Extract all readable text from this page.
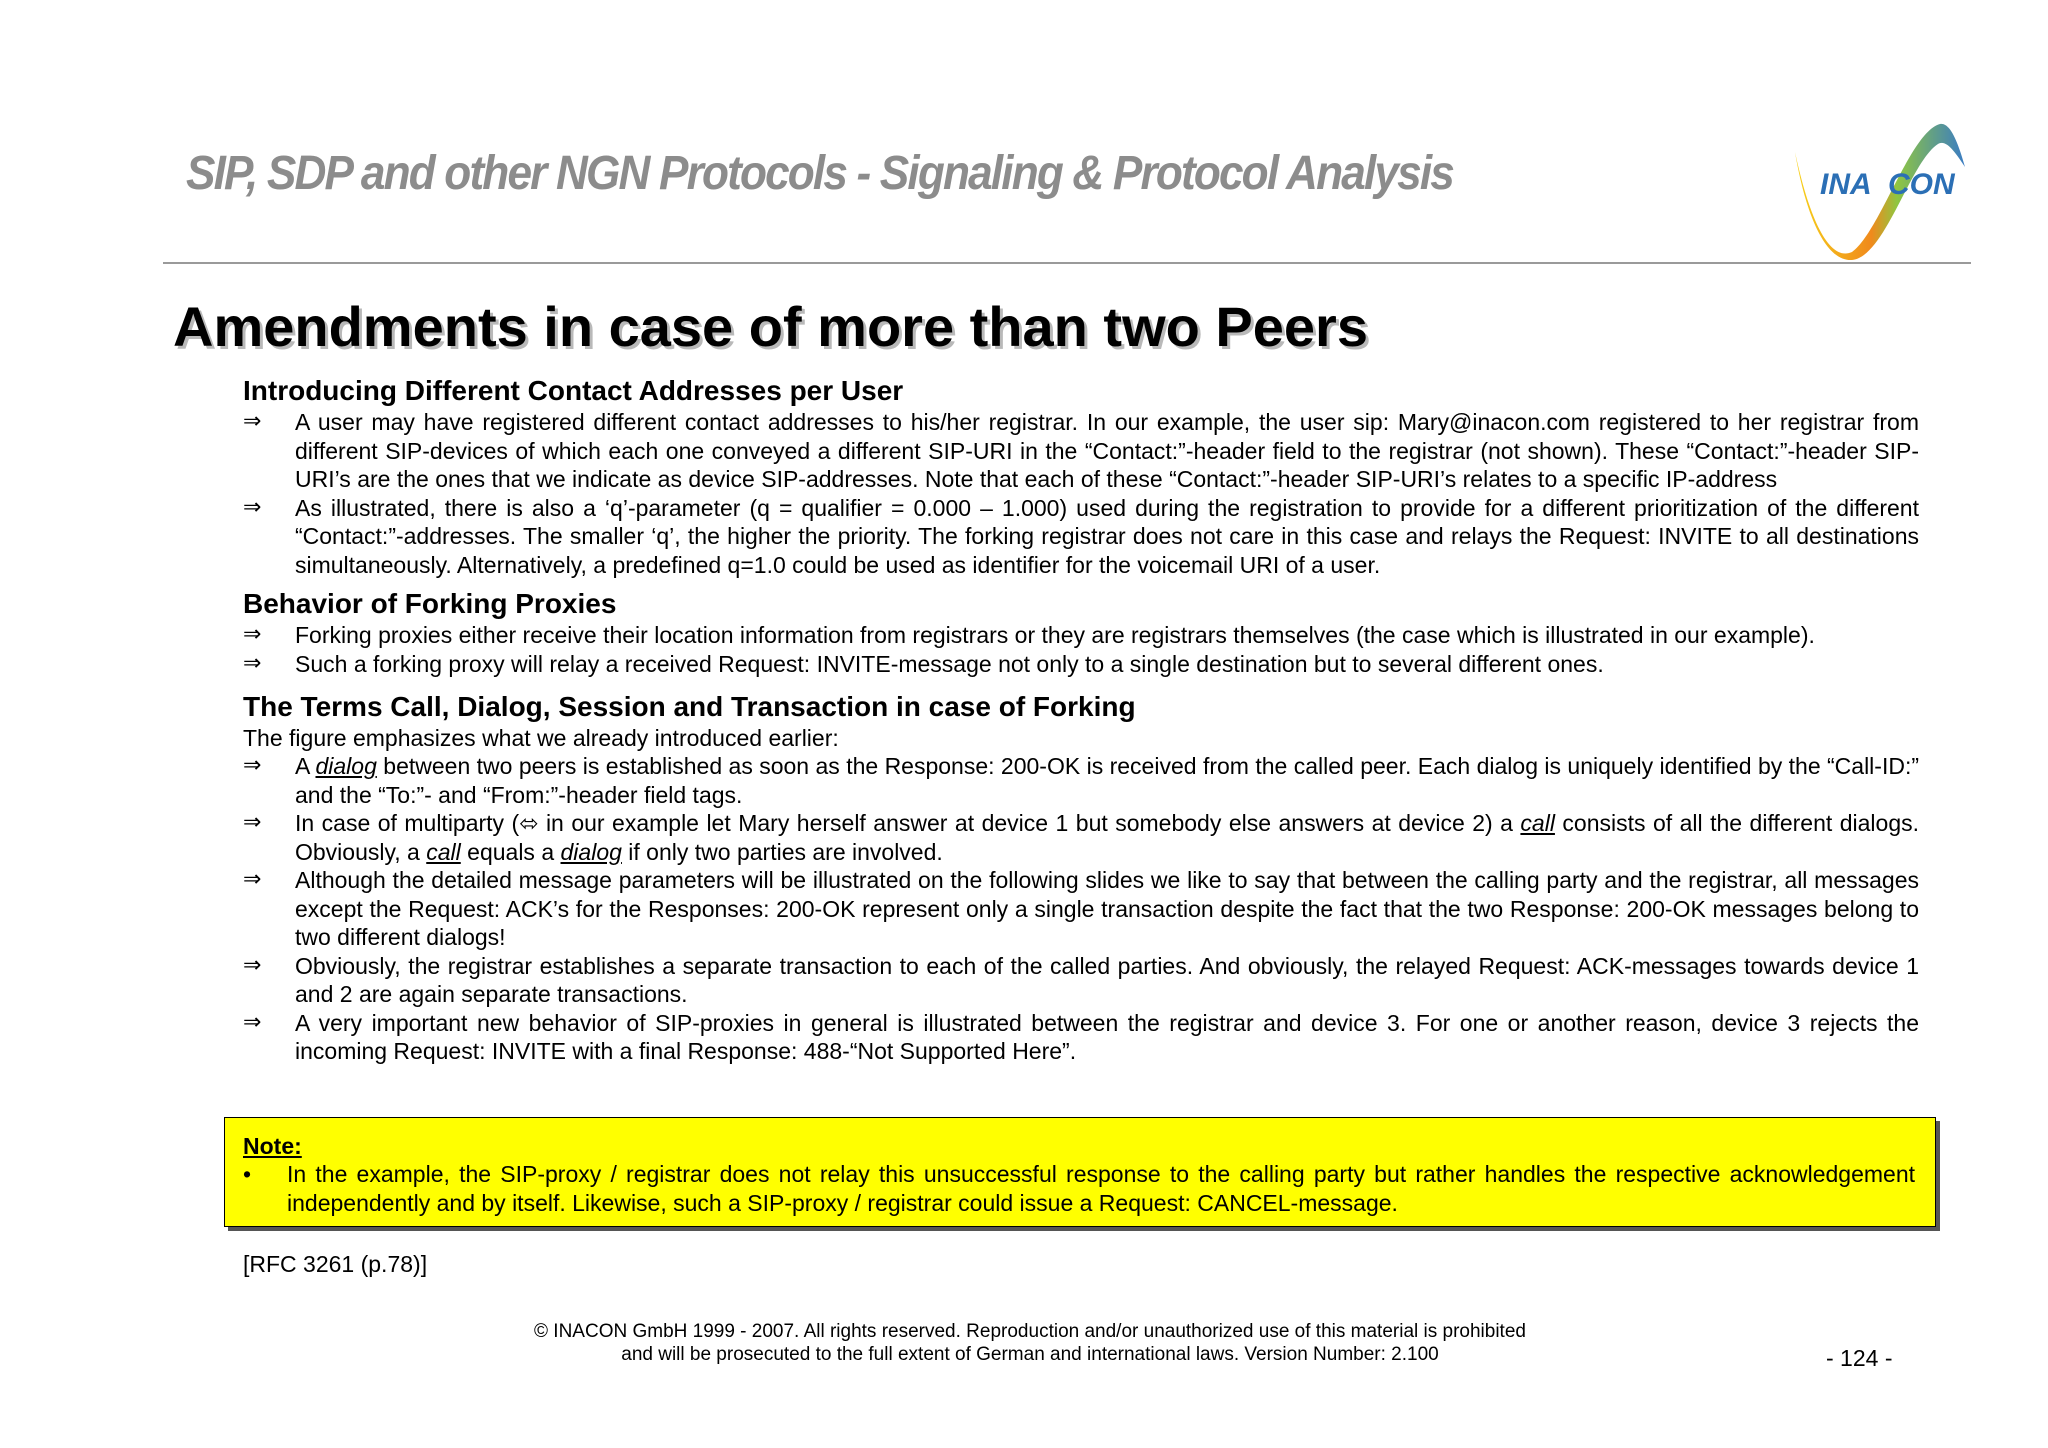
SIP, SDP and other NGN Protocols - Signaling & Protocol Analysis	INA CON
Amendments in case of more than two Peers

Introducing Different Contact Addresses per User

⇒	A user may have registered different contact addresses to his/her registrar. In our example, the user sip: Mary@inacon.com registered to her registrar from different SIP-devices of which each one conveyed a different SIP-URI in the “Contact:”-header field to the registrar (not shown). These “Contact:”-header SIP-URI’s are the ones that we indicate as device SIP-addresses. Note that each of these “Contact:”-header SIP-URI’s relates to a specific IP-address
⇒	As illustrated, there is also a ‘q’-parameter (q = qualifier = 0.000 – 1.000) used during the registration to provide for a different prioritization of the different “Contact:”-addresses. The smaller ‘q’, the higher the priority. The forking registrar does not care in this case and relays the Request: INVITE to all destinations simultaneously. Alternatively, a predefined q=1.0 could be used as identifier for the voicemail URI of a user.

Behavior of Forking Proxies

⇒	Forking proxies either receive their location information from registrars or they are registrars themselves (the case which is illustrated in our example).
⇒	Such a forking proxy will relay a received Request: INVITE-message not only to a single destination but to several different ones.

The Terms Call, Dialog, Session and Transaction in case of Forking

The figure emphasizes what we already introduced earlier:

⇒	A dialog between two peers is established as soon as the Response: 200-OK is received from the called peer. Each dialog is uniquely identified by the “Call-ID:” and the “To:”- and “From:”-header field tags.
⇒	In case of multiparty (⬄ in our example let Mary herself answer at device 1 but somebody else answers at device 2) a call consists of all the different dialogs. Obviously, a call equals a dialog if only two parties are involved.
⇒	Although the detailed message parameters will be illustrated on the following slides we like to say that between the calling party and the registrar, all messages except the Request: ACK’s for the Responses: 200-OK represent only a single transaction despite the fact that the two Response: 200-OK messages belong to two different dialogs!
⇒	Obviously, the registrar establishes a separate transaction to each of the called parties. And obviously, the relayed Request: ACK-messages towards device 1 and 2 are again separate transactions.
⇒	A very important new behavior of SIP-proxies in general is illustrated between the registrar and device 3. For one or another reason, device 3 rejects the incoming Request: INVITE with a final Response: 488-“Not Supported Here”.

Note:

•	In the example, the SIP-proxy / registrar does not relay this unsuccessful response to the calling party but rather handles the respective acknowledgement independently and by itself. Likewise, such a SIP-proxy / registrar could issue a Request: CANCEL-message.
[RFC 3261 (p.78)]
© INACON GmbH 1999 - 2007. All rights reserved. Reproduction and/or unauthorized use of this material is prohibited
and will be prosecuted to the full extent of German and international laws. Version Number: 2.100	- 124 -
